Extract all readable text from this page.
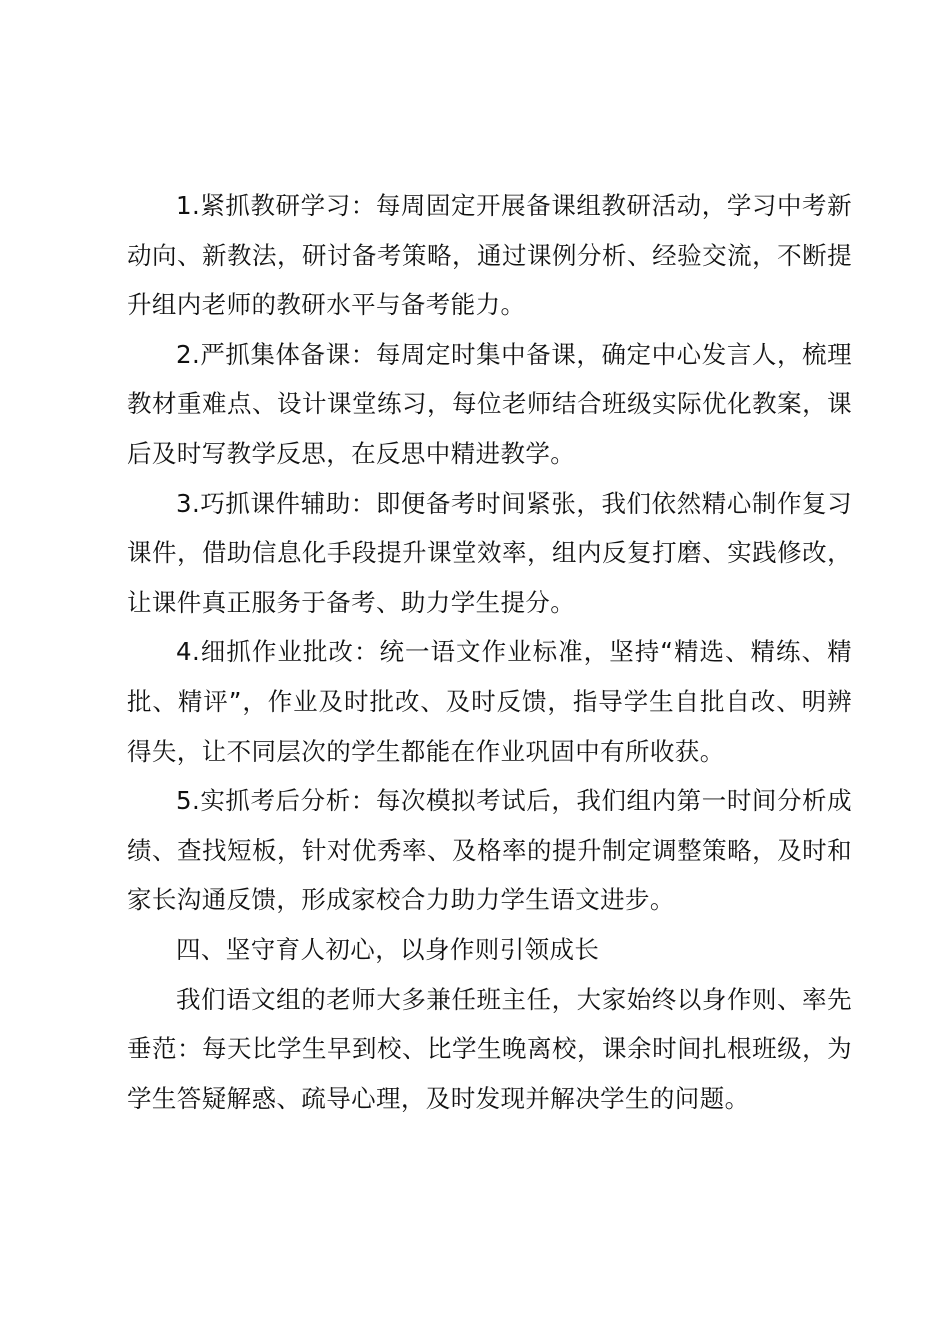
1.紧抓教研学习：每周固定开展备课组教研活动，学习中考新动向、新教法，研讨备考策略，通过课例分析、经验交流，不断提升组内老师的教研水平与备考能力。

2.严抓集体备课：每周定时集中备课，确定中心发言人，梳理教材重难点、设计课堂练习，每位老师结合班级实际优化教案，课后及时写教学反思，在反思中精进教学。

3.巧抓课件辅助：即便备考时间紧张，我们依然精心制作复习课件，借助信息化手段提升课堂效率，组内反复打磨、实践修改，让课件真正服务于备考、助力学生提分。

4.细抓作业批改：统一语文作业标准，坚持“精选、精练、精批、精评”，作业及时批改、及时反馈，指导学生自批自改、明辨得失，让不同层次的学生都能在作业巩固中有所收获。

5.实抓考后分析：每次模拟考试后，我们组内第一时间分析成绩、查找短板，针对优秀率、及格率的提升制定调整策略，及时和家长沟通反馈，形成家校合力助力学生语文进步。

四、坚守育人初心，以身作则引领成长

我们语文组的老师大多兼任班主任，大家始终以身作则、率先垂范：每天比学生早到校、比学生晚离校，课余时间扎根班级，为学生答疑解惑、疏导心理，及时发现并解决学生的问题。
